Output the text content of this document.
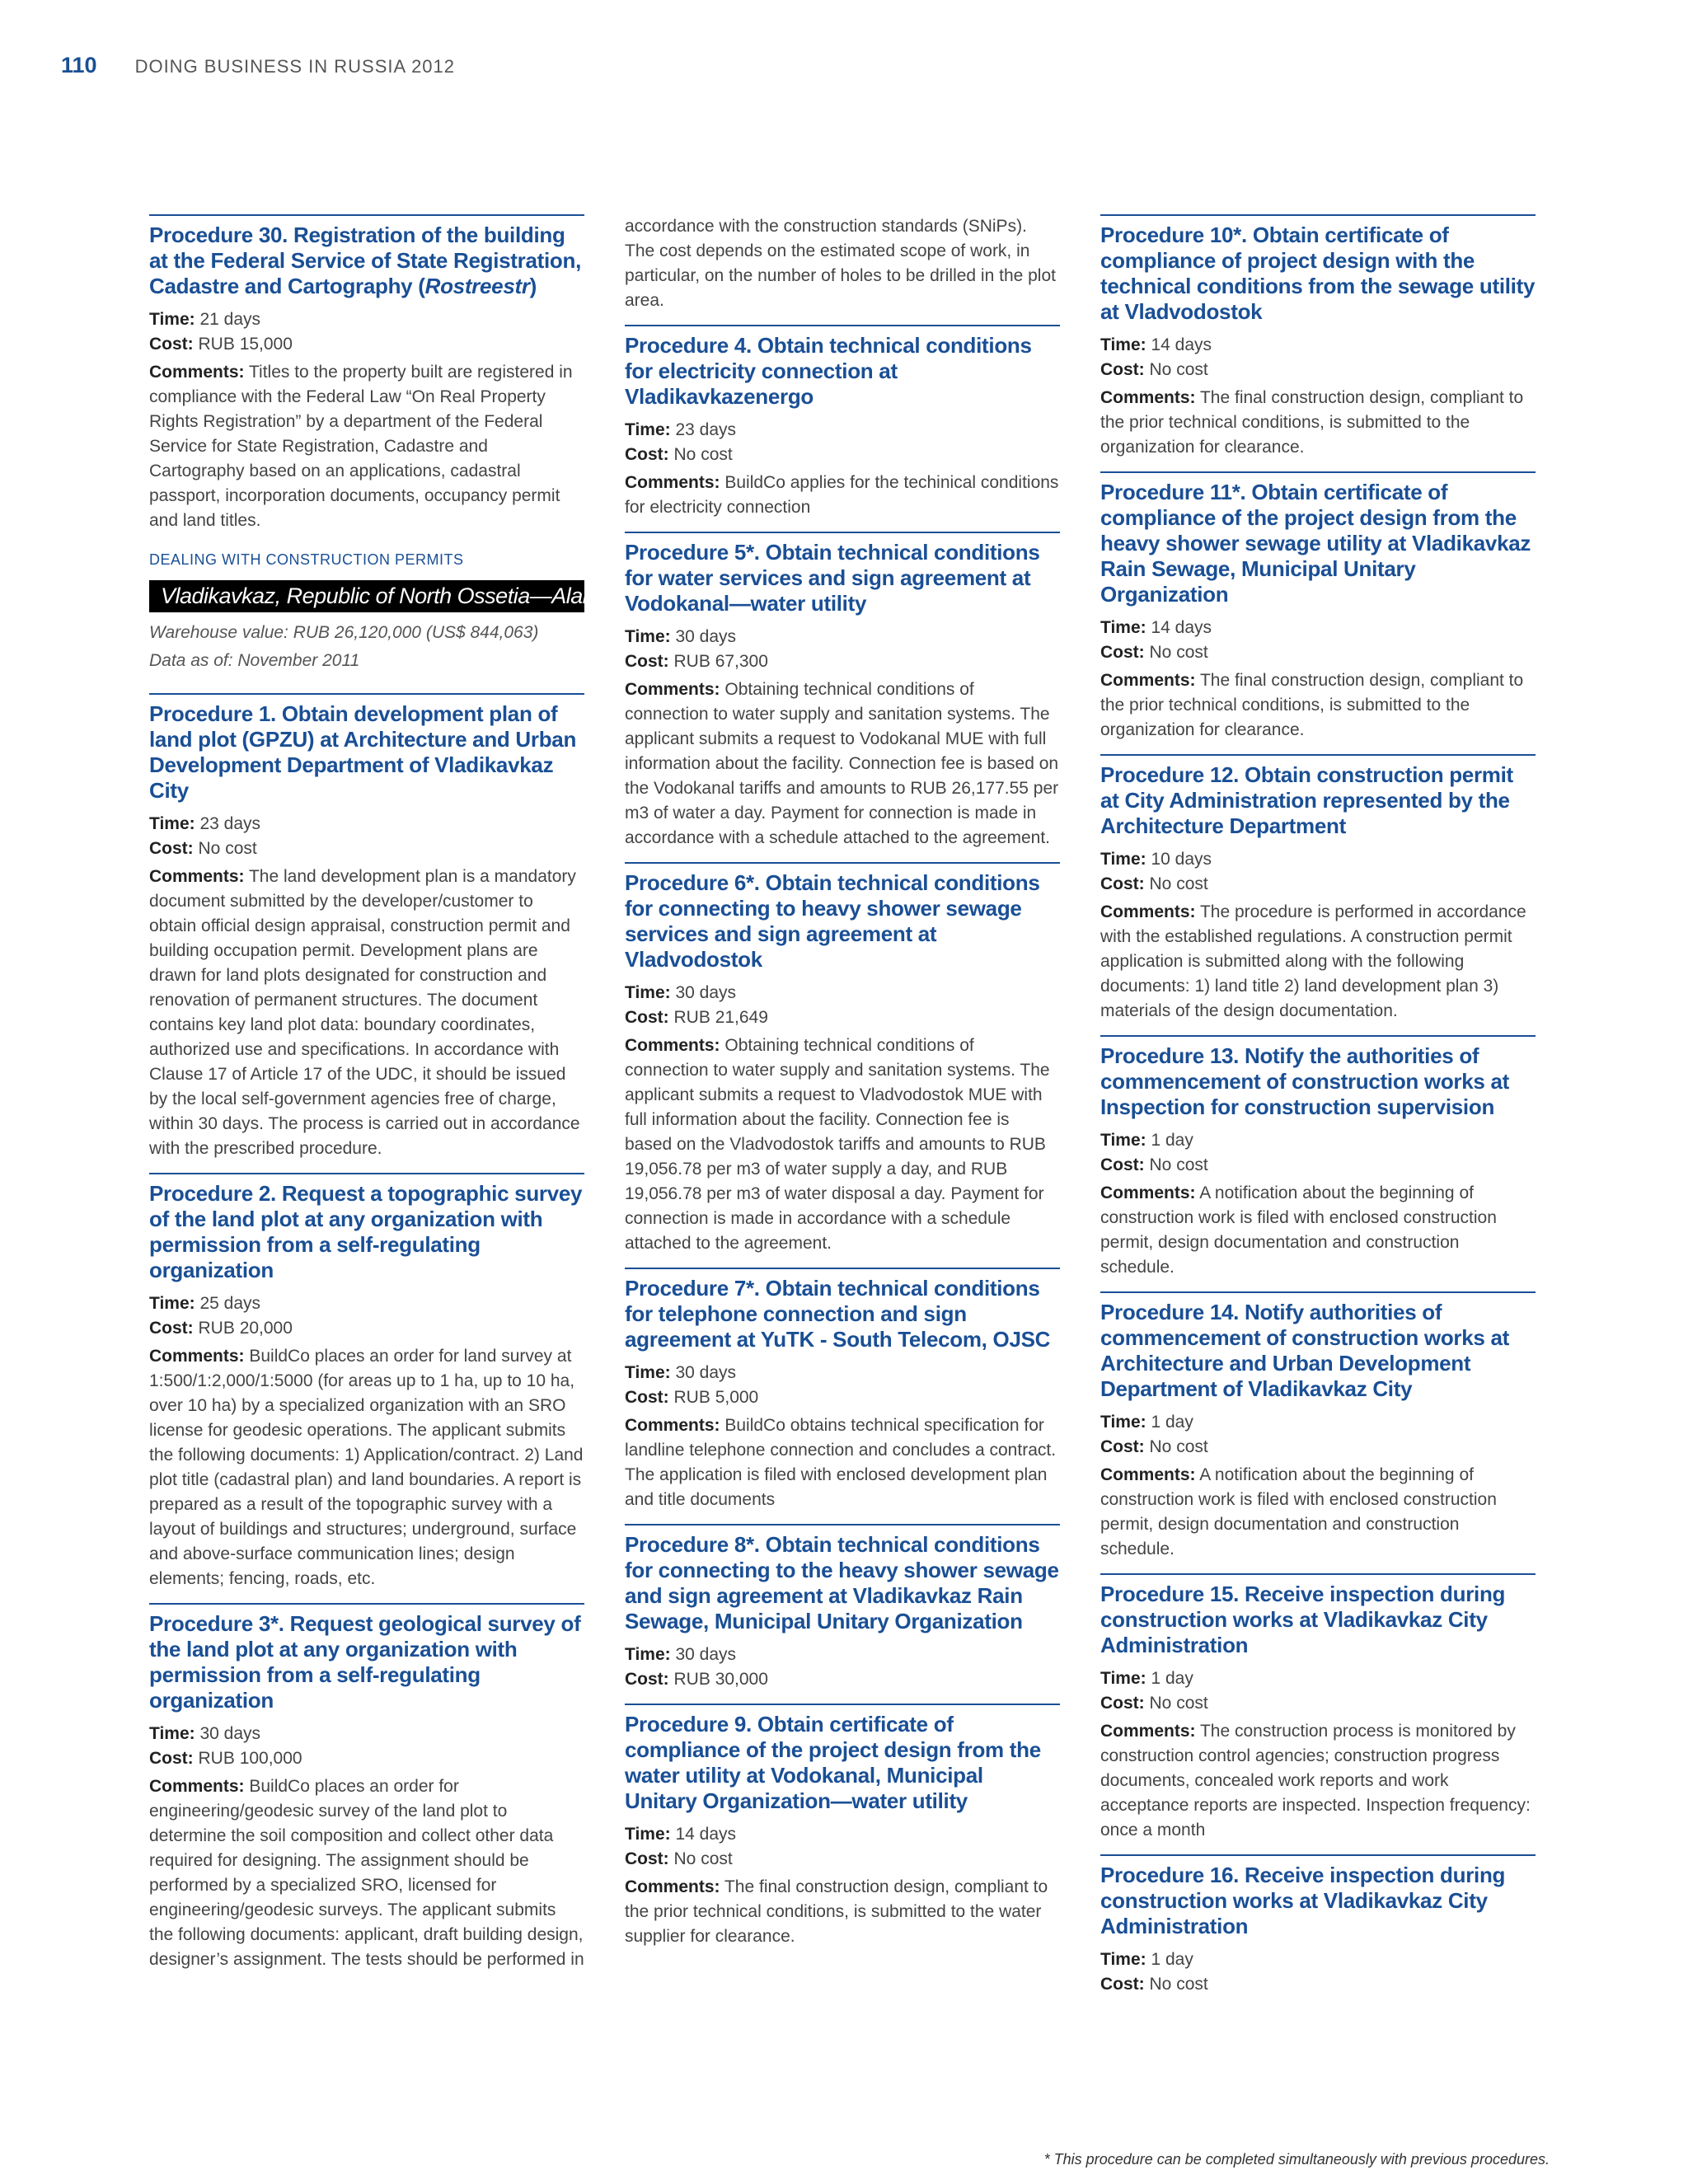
110 DOING BUSINESS IN RUSSIA 2012
Procedure 30. Registration of the building at the Federal Service of State Registration, Cadastre and Cartography (Rostreestr)

Time: 21 days

Cost: RUB 15,000

Comments: Titles to the property built are registered in compliance with the Federal Law “On Real Property Rights Registration” by a department of the Federal Service for State Registration, Cadastre and Cartography based on an applications, cadastral passport, incorporation documents, occupancy permit and land titles.

DEALING WITH CONSTRUCTION PERMITS
Vladikavkaz, Republic of North Ossetia—Alania

Warehouse value: RUB 26,120,000 (US$ 844,063)

Data as of: November 2011

Procedure 1. Obtain development plan of land plot (GPZU) at Architecture and Urban Development Department of Vladikavkaz City

Time: 23 days

Cost: No cost

Comments: The land development plan is a mandatory document submitted by the developer/customer to obtain official design appraisal, construction permit and building occupation permit. Development plans are drawn for land plots designated for construction and renovation of permanent structures. The document contains key land plot data: boundary coordinates, authorized use and specifications. In accordance with Clause 17 of Article 17 of the UDC, it should be issued by the local self-government agencies free of charge, within 30 days. The process is carried out in accordance with the prescribed procedure.

Procedure 2. Request a topographic survey of the land plot at any organization with permission from a self-regulating organization

Time: 25 days

Cost: RUB 20,000

Comments: BuildCo places an order for land survey at 1:500/1:2,000/1:5000 (for areas up to 1 ha, up to 10 ha, over 10 ha) by a specialized organization with an SRO license for geodesic operations. The applicant submits the following documents: 1) Application/contract. 2) Land plot title (cadastral plan) and land boundaries. A report is prepared as a result of the topographic survey with a layout of buildings and structures; underground, surface and above-surface communication lines; design elements; fencing, roads, etc.

Procedure 3*. Request geological survey of the land plot at any organization with permission from a self-regulating organization

Time: 30 days

Cost: RUB 100,000

Comments: BuildCo places an order for engineering/geodesic survey of the land plot to determine the soil composition and collect other data required for designing. The assignment should be performed by a specialized SRO, licensed for engineering/geodesic surveys. The applicant submits the following documents: applicant, draft building design, designer’s assignment. The tests should be performed in

accordance with the construction standards (SNiPs). The cost depends on the estimated scope of work, in particular, on the number of holes to be drilled in the plot area.

Procedure 4. Obtain technical conditions for electricity connection at Vladikavkazenergo

Time: 23 days

Cost: No cost

Comments: BuildCo applies for the techinical conditions for electricity connection

Procedure 5*. Obtain technical conditions for water services and sign agreement at Vodokanal—water utility

Time: 30 days

Cost: RUB 67,300

Comments: Obtaining technical conditions of connection to water supply and sanitation systems. The applicant submits a request to Vodokanal MUE with full information about the facility. Connection fee is based on the Vodokanal tariffs and amounts to RUB 26,177.55 per m3 of water a day. Payment for connection is made in accordance with a schedule attached to the agreement.

Procedure 6*. Obtain technical conditions for connecting to heavy shower sewage services and sign agreement at Vladvodostok

Time: 30 days

Cost: RUB 21,649

Comments: Obtaining technical conditions of connection to water supply and sanitation systems. The applicant submits a request to Vladvodostok MUE with full information about the facility. Connection fee is based on the Vladvodostok tariffs and amounts to RUB 19,056.78 per m3 of water supply a day, and RUB 19,056.78 per m3 of water disposal a day. Payment for connection is made in accordance with a schedule attached to the agreement.

Procedure 7*. Obtain technical conditions for telephone connection and sign agreement at YuTK - South Telecom, OJSC

Time: 30 days

Cost: RUB 5,000

Comments: BuildCo obtains technical specification for landline telephone connection and concludes a contract. The application is filed with enclosed development plan and title documents

Procedure 8*. Obtain technical conditions for connecting to the heavy shower sewage and sign agreement at Vladikavkaz Rain Sewage, Municipal Unitary Organization

Time: 30 days

Cost: RUB 30,000

Procedure 9. Obtain certificate of compliance of the project design from the water utility at Vodokanal, Municipal Unitary Organization—water utility

Time: 14 days

Cost: No cost

Comments: The final construction design, compliant to the prior technical conditions, is submitted to the water supplier for clearance.

Procedure 10*. Obtain certificate of compliance of project design with the technical conditions from the sewage utility at Vladvodostok

Time: 14 days

Cost: No cost

Comments: The final construction design, compliant to the prior technical conditions, is submitted to the organization for clearance.

Procedure 11*. Obtain certificate of compliance of the project design from the heavy shower sewage utility at Vladikavkaz Rain Sewage, Municipal Unitary Organization

Time: 14 days

Cost: No cost

Comments: The final construction design, compliant to the prior technical conditions, is submitted to the organization for clearance.

Procedure 12. Obtain construction permit at City Administration represented by the Architecture Department

Time: 10 days

Cost: No cost

Comments: The procedure is performed in accordance with the established regulations. A construction permit application is submitted along with the following documents: 1) land title 2) land development plan 3) materials of the design documentation.

Procedure 13. Notify the authorities of commencement of construction works at Inspection for construction supervision

Time: 1 day

Cost: No cost

Comments: A notification about the beginning of construction work is filed with enclosed construction permit, design documentation and construction schedule.

Procedure 14. Notify authorities of commencement of construction works at Architecture and Urban Development Department of Vladikavkaz City

Time: 1 day

Cost: No cost

Comments: A notification about the beginning of construction work is filed with enclosed construction permit, design documentation and construction schedule.

Procedure 15. Receive inspection during construction works at Vladikavkaz City Administration

Time: 1 day

Cost: No cost

Comments: The construction process is monitored by construction control agencies; construction progress documents, concealed work reports and work acceptance reports are inspected. Inspection frequency: once a month

Procedure 16. Receive inspection during construction works at Vladikavkaz City Administration

Time: 1 day

Cost: No cost

* This procedure can be completed simultaneously with previous procedures.
